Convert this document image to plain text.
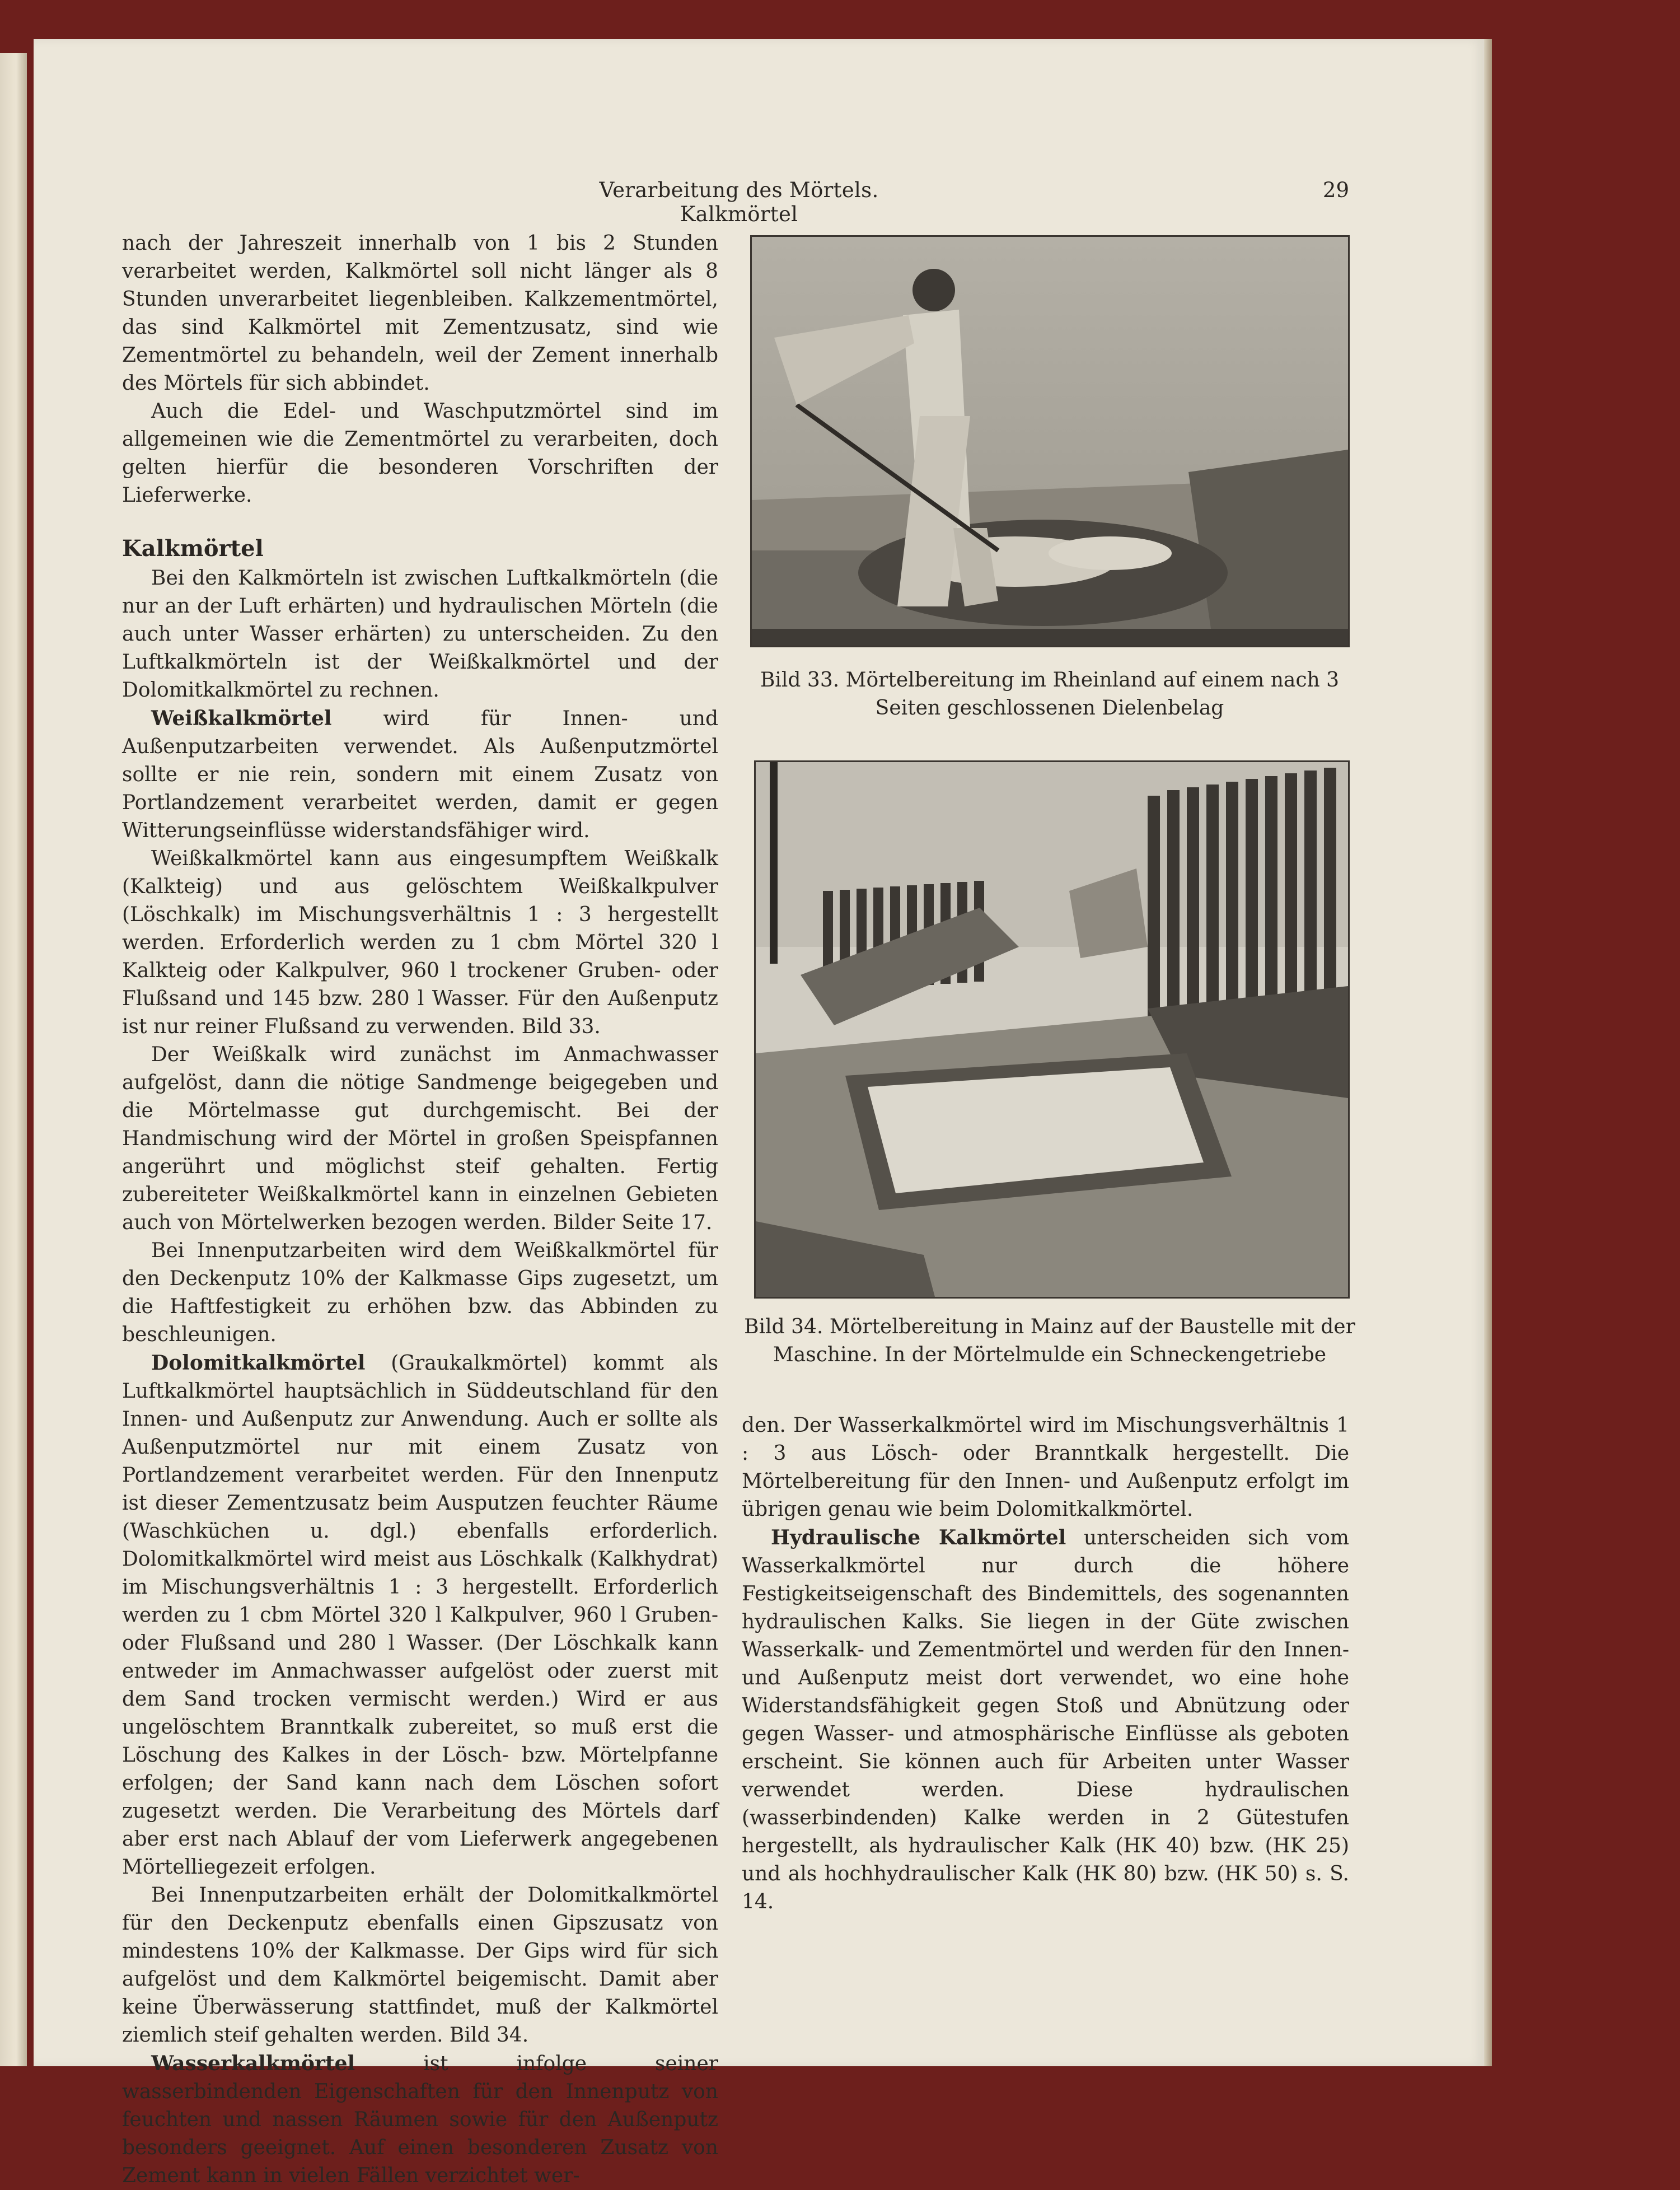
Verarbeitung des Mörtels. Kalkmörtel
29

nach der Jahreszeit innerhalb von 1 bis 2 Stunden verarbeitet werden, Kalkmörtel soll nicht länger als 8 Stunden unverarbeitet liegenbleiben. Kalkzementmörtel, das sind Kalkmörtel mit Zementzusatz, sind wie Zementmörtel zu behandeln, weil der Zement innerhalb des Mörtels für sich abbindet.

Auch die Edel- und Waschputzmörtel sind im allgemeinen wie die Zementmörtel zu verarbeiten, doch gelten hierfür die besonderen Vorschriften der Lieferwerke.

Kalkmörtel

Bei den Kalkmörteln ist zwischen Luftkalkmörteln (die nur an der Luft erhärten) und hydraulischen Mörteln (die auch unter Wasser erhärten) zu unterscheiden. Zu den Luftkalkmörteln ist der Weißkalkmörtel und der Dolomitkalkmörtel zu rechnen.

Weißkalkmörtel wird für Innen- und Außenputzarbeiten verwendet. Als Außenputzmörtel sollte er nie rein, sondern mit einem Zusatz von Portlandzement verarbeitet werden, damit er gegen Witterungseinflüsse widerstandsfähiger wird.

Weißkalkmörtel kann aus eingesumpftem Weißkalk (Kalkteig) und aus gelöschtem Weißkalkpulver (Löschkalk) im Mischungsverhältnis 1 : 3 hergestellt werden. Erforderlich werden zu 1 cbm Mörtel 320 l Kalkteig oder Kalkpulver, 960 l trockener Gruben- oder Flußsand und 145 bzw. 280 l Wasser. Für den Außenputz ist nur reiner Flußsand zu verwenden. Bild 33.

Der Weißkalk wird zunächst im Anmachwasser aufgelöst, dann die nötige Sandmenge beigegeben und die Mörtelmasse gut durchgemischt. Bei der Handmischung wird der Mörtel in großen Speispfannen angerührt und möglichst steif gehalten. Fertig zubereiteter Weißkalkmörtel kann in einzelnen Gebieten auch von Mörtelwerken bezogen werden. Bilder Seite 17.

Bei Innenputzarbeiten wird dem Weißkalkmörtel für den Deckenputz 10% der Kalkmasse Gips zugesetzt, um die Haftfestigkeit zu erhöhen bzw. das Abbinden zu beschleunigen.

Dolomitkalkmörtel (Graukalkmörtel) kommt als Luftkalkmörtel hauptsächlich in Süddeutschland für den Innen- und Außenputz zur Anwendung. Auch er sollte als Außenputzmörtel nur mit einem Zusatz von Portlandzement verarbeitet werden. Für den Innenputz ist dieser Zementzusatz beim Ausputzen feuchter Räume (Waschküchen u. dgl.) ebenfalls erforderlich. Dolomitkalkmörtel wird meist aus Löschkalk (Kalkhydrat) im Mischungsverhältnis 1 : 3 hergestellt. Erforderlich werden zu 1 cbm Mörtel 320 l Kalkpulver, 960 l Gruben- oder Flußsand und 280 l Wasser. (Der Löschkalk kann entweder im Anmachwasser aufgelöst oder zuerst mit dem Sand trocken vermischt werden.) Wird er aus ungelöschtem Branntkalk zubereitet, so muß erst die Löschung des Kalkes in der Lösch- bzw. Mörtelpfanne erfolgen; der Sand kann nach dem Löschen sofort zugesetzt werden. Die Verarbeitung des Mörtels darf aber erst nach Ablauf der vom Lieferwerk angegebenen Mörtelliegezeit erfolgen.

Bei Innenputzarbeiten erhält der Dolomitkalkmörtel für den Deckenputz ebenfalls einen Gipszusatz von mindestens 10% der Kalkmasse. Der Gips wird für sich aufgelöst und dem Kalkmörtel beigemischt. Damit aber keine Überwässerung stattfindet, muß der Kalkmörtel ziemlich steif gehalten werden. Bild 34.

Wasserkalkmörtel ist infolge seiner wasserbindenden Eigenschaften für den Innenputz von feuchten und nassen Räumen sowie für den Außenputz besonders geeignet. Auf einen besonderen Zusatz von Zement kann in vielen Fällen verzichtet wer-

Bild 33. Mörtelbereitung im Rheinland auf einem nach 3 Seiten geschlossenen Dielenbelag
Bild 34. Mörtelbereitung in Mainz auf der Baustelle mit der Maschine. In der Mörtelmulde ein Schneckengetriebe

den. Der Wasserkalkmörtel wird im Mischungsverhältnis 1 : 3 aus Lösch- oder Branntkalk hergestellt. Die Mörtelbereitung für den Innen- und Außenputz erfolgt im übrigen genau wie beim Dolomitkalkmörtel.

Hydraulische Kalkmörtel unterscheiden sich vom Wasserkalkmörtel nur durch die höhere Festigkeitseigenschaft des Bindemittels, des sogenannten hydraulischen Kalks. Sie liegen in der Güte zwischen Wasserkalk- und Zementmörtel und werden für den Innen- und Außenputz meist dort verwendet, wo eine hohe Widerstandsfähigkeit gegen Stoß und Abnützung oder gegen Wasser- und atmosphärische Einflüsse als geboten erscheint. Sie können auch für Arbeiten unter Wasser verwendet werden. Diese hydraulischen (wasserbindenden) Kalke werden in 2 Gütestufen hergestellt, als hydraulischer Kalk (HK 40) bzw. (HK 25) und als hochhydraulischer Kalk (HK 80) bzw. (HK 50) s. S. 14.
